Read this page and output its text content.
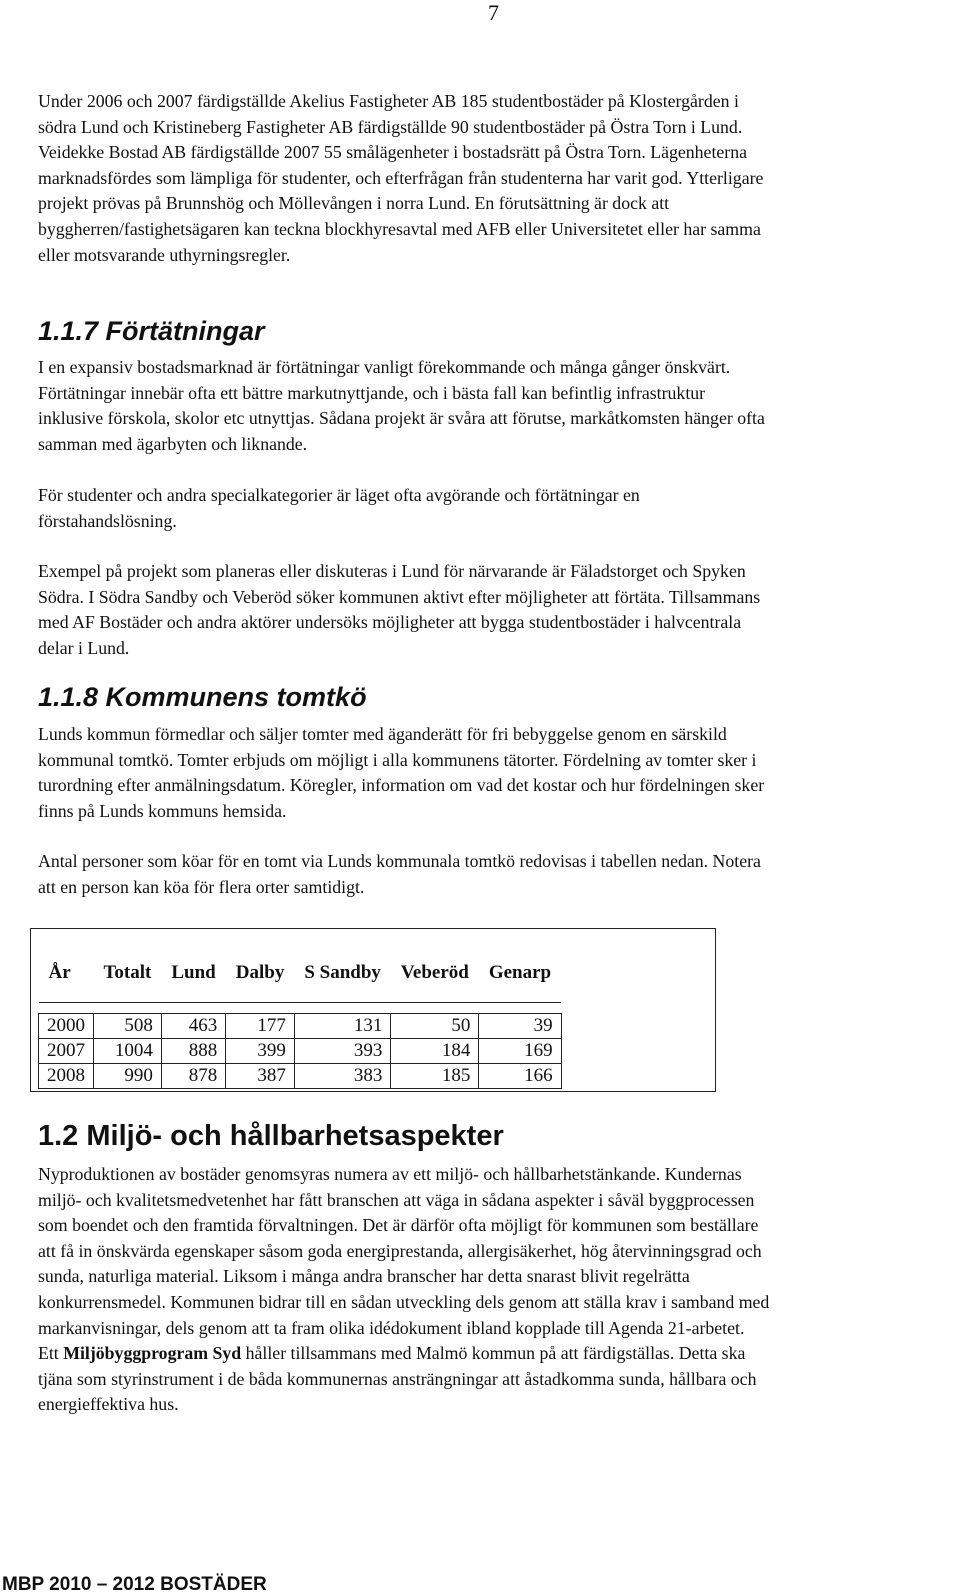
7
Under 2006 och 2007 färdigställde Akelius Fastigheter AB 185 studentbostäder på Klostergården i
södra Lund och Kristineberg Fastigheter AB färdigställde 90 studentbostäder på Östra Torn i Lund.
Veidekke Bostad AB färdigställde 2007 55 smålägenheter i bostadsrätt på Östra Torn. Lägenheterna
marknadsfördes som lämpliga för studenter, och efterfrågan från studenterna har varit god. Ytterligare
projekt prövas på Brunnshög och Möllevången i norra Lund. En förutsättning är dock att
byggherren/fastighetsägaren kan teckna blockhyresavtal med AFB eller Universitetet eller har samma
eller motsvarande uthyrningsregler.
1.1.7 Förtätningar
I en expansiv bostadsmarknad är förtätningar vanligt förekommande och många gånger önskvärt.
Förtätningar innebär ofta ett bättre markutnyttjande, och i bästa fall kan befintlig infrastruktur
inklusive förskola, skolor etc utnyttjas. Sådana projekt är svåra att förutse, markåtkomsten hänger ofta
samman med ägarbyten och liknande.
För studenter och andra specialkategorier är läget ofta avgörande och förtätningar en
förstahandslösning.
Exempel på projekt som planeras eller diskuteras i Lund för närvarande är Fäladstorget och Spyken
Södra. I Södra Sandby och Veberöd söker kommunen aktivt efter möjligheter att förtäta. Tillsammans
med AF Bostäder och andra aktörer undersöks möjligheter att bygga studentbostäder i halvcentrala
delar i Lund.
1.1.8 Kommunens tomtkö
Lunds kommun förmedlar och säljer tomter med äganderätt för fri bebyggelse genom en särskild
kommunal tomtkö. Tomter erbjuds om möjligt i alla kommunens tätorter. Fördelning av tomter sker i
turordning efter anmälningsdatum. Köregler, information om vad det kostar och hur fördelningen sker
finns på Lunds kommuns hemsida.
Antal personer som köar för en tomt via Lunds kommunala tomtkö redovisas i tabellen nedan. Notera
att en person kan köa för flera orter samtidigt.
År	Totalt	Lund	Dalby	S Sandby	Veberöd	Genarp

2000	508	463	177	131	50	39
2007	1004	888	399	393	184	169
2008	990	878	387	383	185	166
1.2 Miljö- och hållbarhetsaspekter
Nyproduktionen av bostäder genomsyras numera av ett miljö- och hållbarhetstänkande. Kundernas
miljö- och kvalitetsmedvetenhet har fått branschen att väga in sådana aspekter i såväl byggprocessen
som boendet och den framtida förvaltningen. Det är därför ofta möjligt för kommunen som beställare
att få in önskvärda egenskaper såsom goda energiprestanda, allergisäkerhet, hög återvinningsgrad och
sunda, naturliga material. Liksom i många andra branscher har detta snarast blivit regelrätta
konkurrensmedel. Kommunen bidrar till en sådan utveckling dels genom att ställa krav i samband med
markanvisningar, dels genom att ta fram olika idédokument ibland kopplade till Agenda 21-arbetet.
Ett Miljöbyggprogram Syd håller tillsammans med Malmö kommun på att färdigställas. Detta ska
tjäna som styrinstrument i de båda kommunernas ansträngningar att åstadkomma sunda, hållbara och
energieffektiva hus.
MBP 2010 – 2012 BOSTÄDER
